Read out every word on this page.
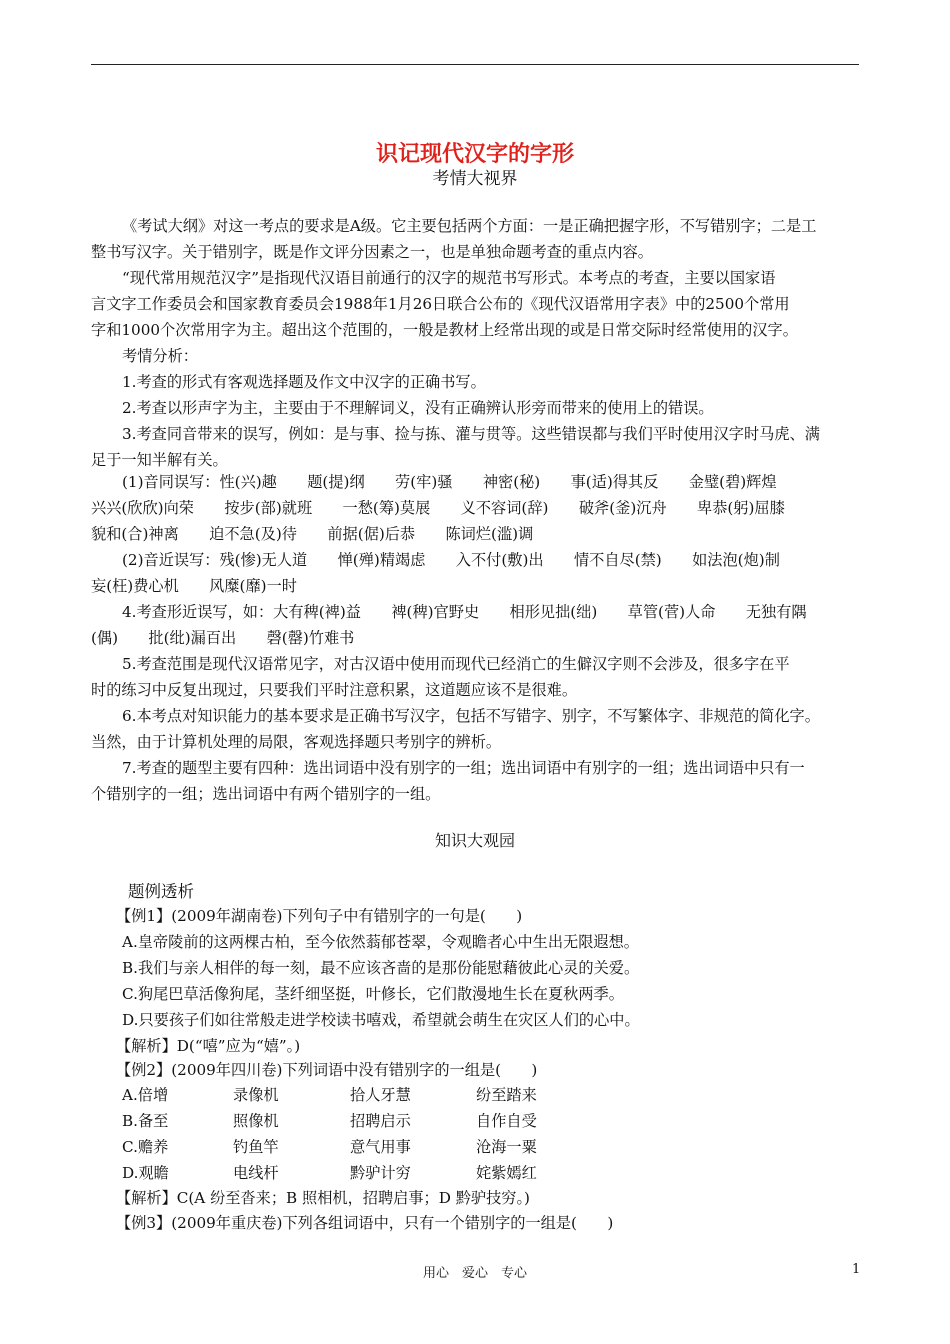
识记现代汉字的字形
考情大视界
《考试大纲》对这一考点的要求是A级。它主要包括两个方面：一是正确把握字形，不写错别字；二是工
整书写汉字。关于错别字，既是作文评分因素之一，也是单独命题考查的重点内容。
“现代常用规范汉字”是指现代汉语目前通行的汉字的规范书写形式。本考点的考查，主要以国家语
言文字工作委员会和国家教育委员会1988年1月26日联合公布的《现代汉语常用字表》中的2500个常用
字和1000个次常用字为主。超出这个范围的，一般是教材上经常出现的或是日常交际时经常使用的汉字。
考情分析：
1.考查的形式有客观选择题及作文中汉字的正确书写。
2.考查以形声字为主，主要由于不理解词义，没有正确辨认形旁而带来的使用上的错误。
3.考查同音带来的误写，例如：是与事、捡与拣、灌与贯等。这些错误都与我们平时使用汉字时马虎、满
足于一知半解有关。
(1)音同误写：性(兴)趣　　题(提)纲　　劳(牢)骚　　神密(秘)　　事(适)得其反　　金璧(碧)辉煌
兴兴(欣欣)向荣　　按步(部)就班　　一愁(筹)莫展　　义不容词(辞)　　破斧(釜)沉舟　　卑恭(躬)屈膝
貌和(合)神离　　迫不急(及)待　　前据(倨)后恭　　陈词烂(滥)调
(2)音近误写：残(惨)无人道　　惮(殚)精竭虑　　入不付(敷)出　　情不自尽(禁)　　如法泡(炮)制
妄(枉)费心机　　风糜(靡)一时
4.考查形近误写，如：大有稗(裨)益　　裨(稗)官野史　　相形见拙(绌)　　草管(菅)人命　　无独有隅
(偶)　　批(纰)漏百出　　磬(罄)竹难书
5.考查范围是现代汉语常见字，对古汉语中使用而现代已经消亡的生僻汉字则不会涉及，很多字在平
时的练习中反复出现过，只要我们平时注意积累，这道题应该不是很难。
6.本考点对知识能力的基本要求是正确书写汉字，包括不写错字、别字，不写繁体字、非规范的简化字。
当然，由于计算机处理的局限，客观选择题只考别字的辨析。
7.考查的题型主要有四种：选出词语中没有别字的一组；选出词语中有别字的一组；选出词语中只有一
个错别字的一组；选出词语中有两个错别字的一组。
知识大观园
题例透析
【例1】(2009年湖南卷)下列句子中有错别字的一句是(　　)
A.皇帝陵前的这两棵古柏，至今依然蓊郁苍翠，令观瞻者心中生出无限遐想。
B.我们与亲人相伴的每一刻，最不应该吝啬的是那份能慰藉彼此心灵的关爱。
C.狗尾巴草活像狗尾，茎纤细坚挺，叶修长，它们散漫地生长在夏秋两季。
D.只要孩子们如往常般走进学校读书嘻戏，希望就会萌生在灾区人们的心中。
【解析】D(“嘻”应为“嬉”。)
【例2】(2009年四川卷)下列词语中没有错别字的一组是(　　)
A.倍增	录像机	拾人牙慧	纷至踏来
B.备至	照像机	招聘启示	自作自受
C.赡养	钓鱼竿	意气用事	沧海一粟
D.观瞻	电线杆	黔驴计穷	姹紫嫣红
【解析】C(A 纷至沓来；B 照相机，招聘启事；D 黔驴技穷。)
【例3】(2009年重庆卷)下列各组词语中，只有一个错别字的一组是(　　)
用心　爱心　专心	1
